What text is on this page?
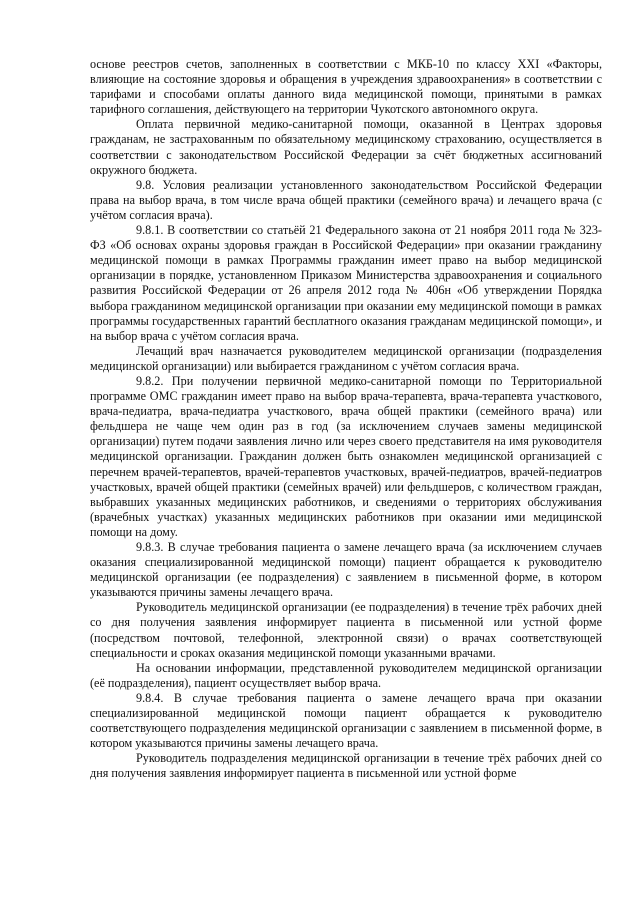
основе реестров счетов, заполненных в соответствии с МКБ-10 по классу XXI «Факторы, влияющие на состояние здоровья и обращения в учреждения здравоохранения» в соответствии с тарифами и способами оплаты данного вида медицинской помощи, принятыми в рамках тарифного соглашения, действующего на территории Чукотского автономного округа.

Оплата первичной медико-санитарной помощи, оказанной в Центрах здоровья гражданам, не застрахованным по обязательному медицинскому страхованию, осуществляется в соответствии с законодательством Российской Федерации за счёт бюджетных ассигнований окружного бюджета.

9.8. Условия реализации установленного законодательством Российской Федерации права на выбор врача, в том числе врача общей практики (семейного врача) и лечащего врача (с учётом согласия врача).

9.8.1. В соответствии со статьёй 21 Федерального закона от 21 ноября 2011 года № 323-ФЗ «Об основах охраны здоровья граждан в Российской Федерации» при оказании гражданину медицинской помощи в рамках Программы гражданин имеет право на выбор медицинской организации в порядке, установленном Приказом Министерства здравоохранения и социального развития Российской Федерации от 26 апреля 2012 года № 406н «Об утверждении Порядка выбора гражданином медицинской организации при оказании ему медицинской помощи в рамках программы государственных гарантий бесплатного оказания гражданам медицинской помощи», и на выбор врача с учётом согласия врача.

Лечащий врач назначается руководителем медицинской организации (подразделения медицинской организации) или выбирается гражданином с учётом согласия врача.

9.8.2. При получении первичной медико-санитарной помощи по Территориальной программе ОМС гражданин имеет право на выбор врача-терапевта, врача-терапевта участкового, врача-педиатра, врача-педиатра участкового, врача общей практики (семейного врача) или фельдшера не чаще чем один раз в год (за исключением случаев замены медицинской организации) путем подачи заявления лично или через своего представителя на имя руководителя медицинской организации. Гражданин должен быть ознакомлен медицинской организацией с перечнем врачей-терапевтов, врачей-терапевтов участковых, врачей-педиатров, врачей-педиатров участковых, врачей общей практики (семейных врачей) или фельдшеров, с количеством граждан, выбравших указанных медицинских работников, и сведениями о территориях обслуживания (врачебных участках) указанных медицинских работников при оказании ими медицинской помощи на дому.

9.8.3. В случае требования пациента о замене лечащего врача (за исключением случаев оказания специализированной медицинской помощи) пациент обращается к руководителю медицинской организации (ее подразделения) с заявлением в письменной форме, в котором указываются причины замены лечащего врача.

Руководитель медицинской организации (ее подразделения) в течение трёх рабочих дней со дня получения заявления информирует пациента в письменной или устной форме (посредством почтовой, телефонной, электронной связи) о врачах соответствующей специальности и сроках оказания медицинской помощи указанными врачами.

На основании информации, представленной руководителем медицинской организации (её подразделения), пациент осуществляет выбор врача.

9.8.4. В случае требования пациента о замене лечащего врача при оказании специализированной медицинской помощи пациент обращается к руководителю соответствующего подразделения медицинской организации с заявлением в письменной форме, в котором указываются причины замены лечащего врача.

Руководитель подразделения медицинской организации в течение трёх рабочих дней со дня получения заявления информирует пациента в письменной или устной форме
